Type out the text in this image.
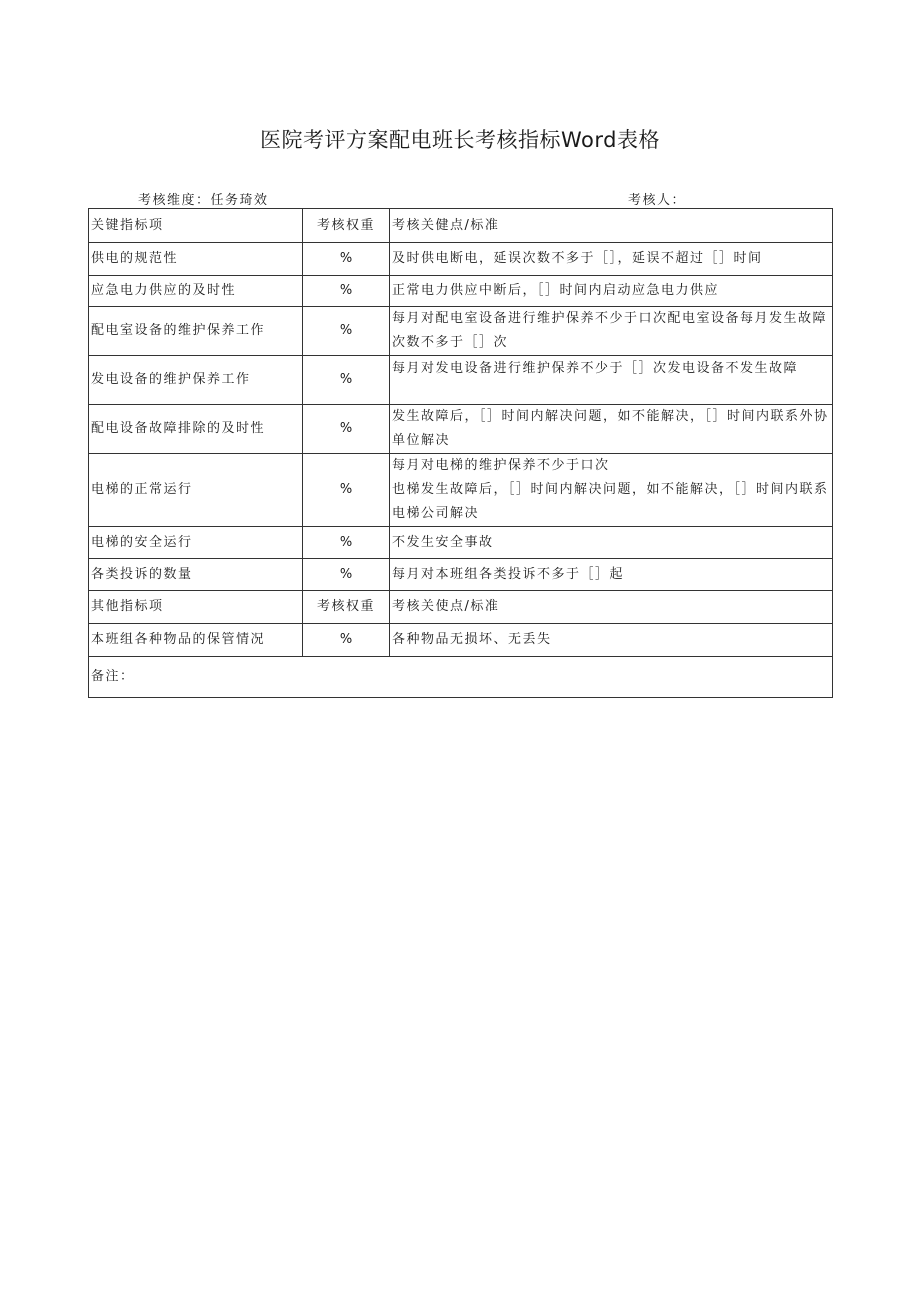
医院考评方案配电班长考核指标Word表格
考核维度：任务琦效	考核人：
关键指标项	考核权重	考核关健点/标准
供电的规范性	%	及时供电断电，延误次数不多于［］，延误不超过［］时间
应急电力供应的及时性	%	正常电力供应中断后，［］时间内启动应急电力供应
配电室设备的维护保养工作	%	每月对配电室设备进行维护保养不少于口次配电室设备每月发生故障次数不多于［］次
发电设备的维护保养工作	%	每月对发电设备进行维护保养不少于［］次发电设备不发生故障
配电设备故障排除的及时性	%	发生故障后，［］时间内解决问题，如不能解决，［］时间内联系外协单位解决
电梯的正常运行	%	每月对电梯的维护保养不少于口次
也梯发生故障后，［］时间内解决问题，如不能解决，［］时间内联系电梯公司解决

电梯的安全运行	%	不发生安全事故
各类投诉的数量	%	每月对本班组各类投诉不多于［］起
其他指标项	考核权重	考核关使点/标准
本班组各种物品的保管情况	%	各种物品无损坏、无丢失
备注：		
